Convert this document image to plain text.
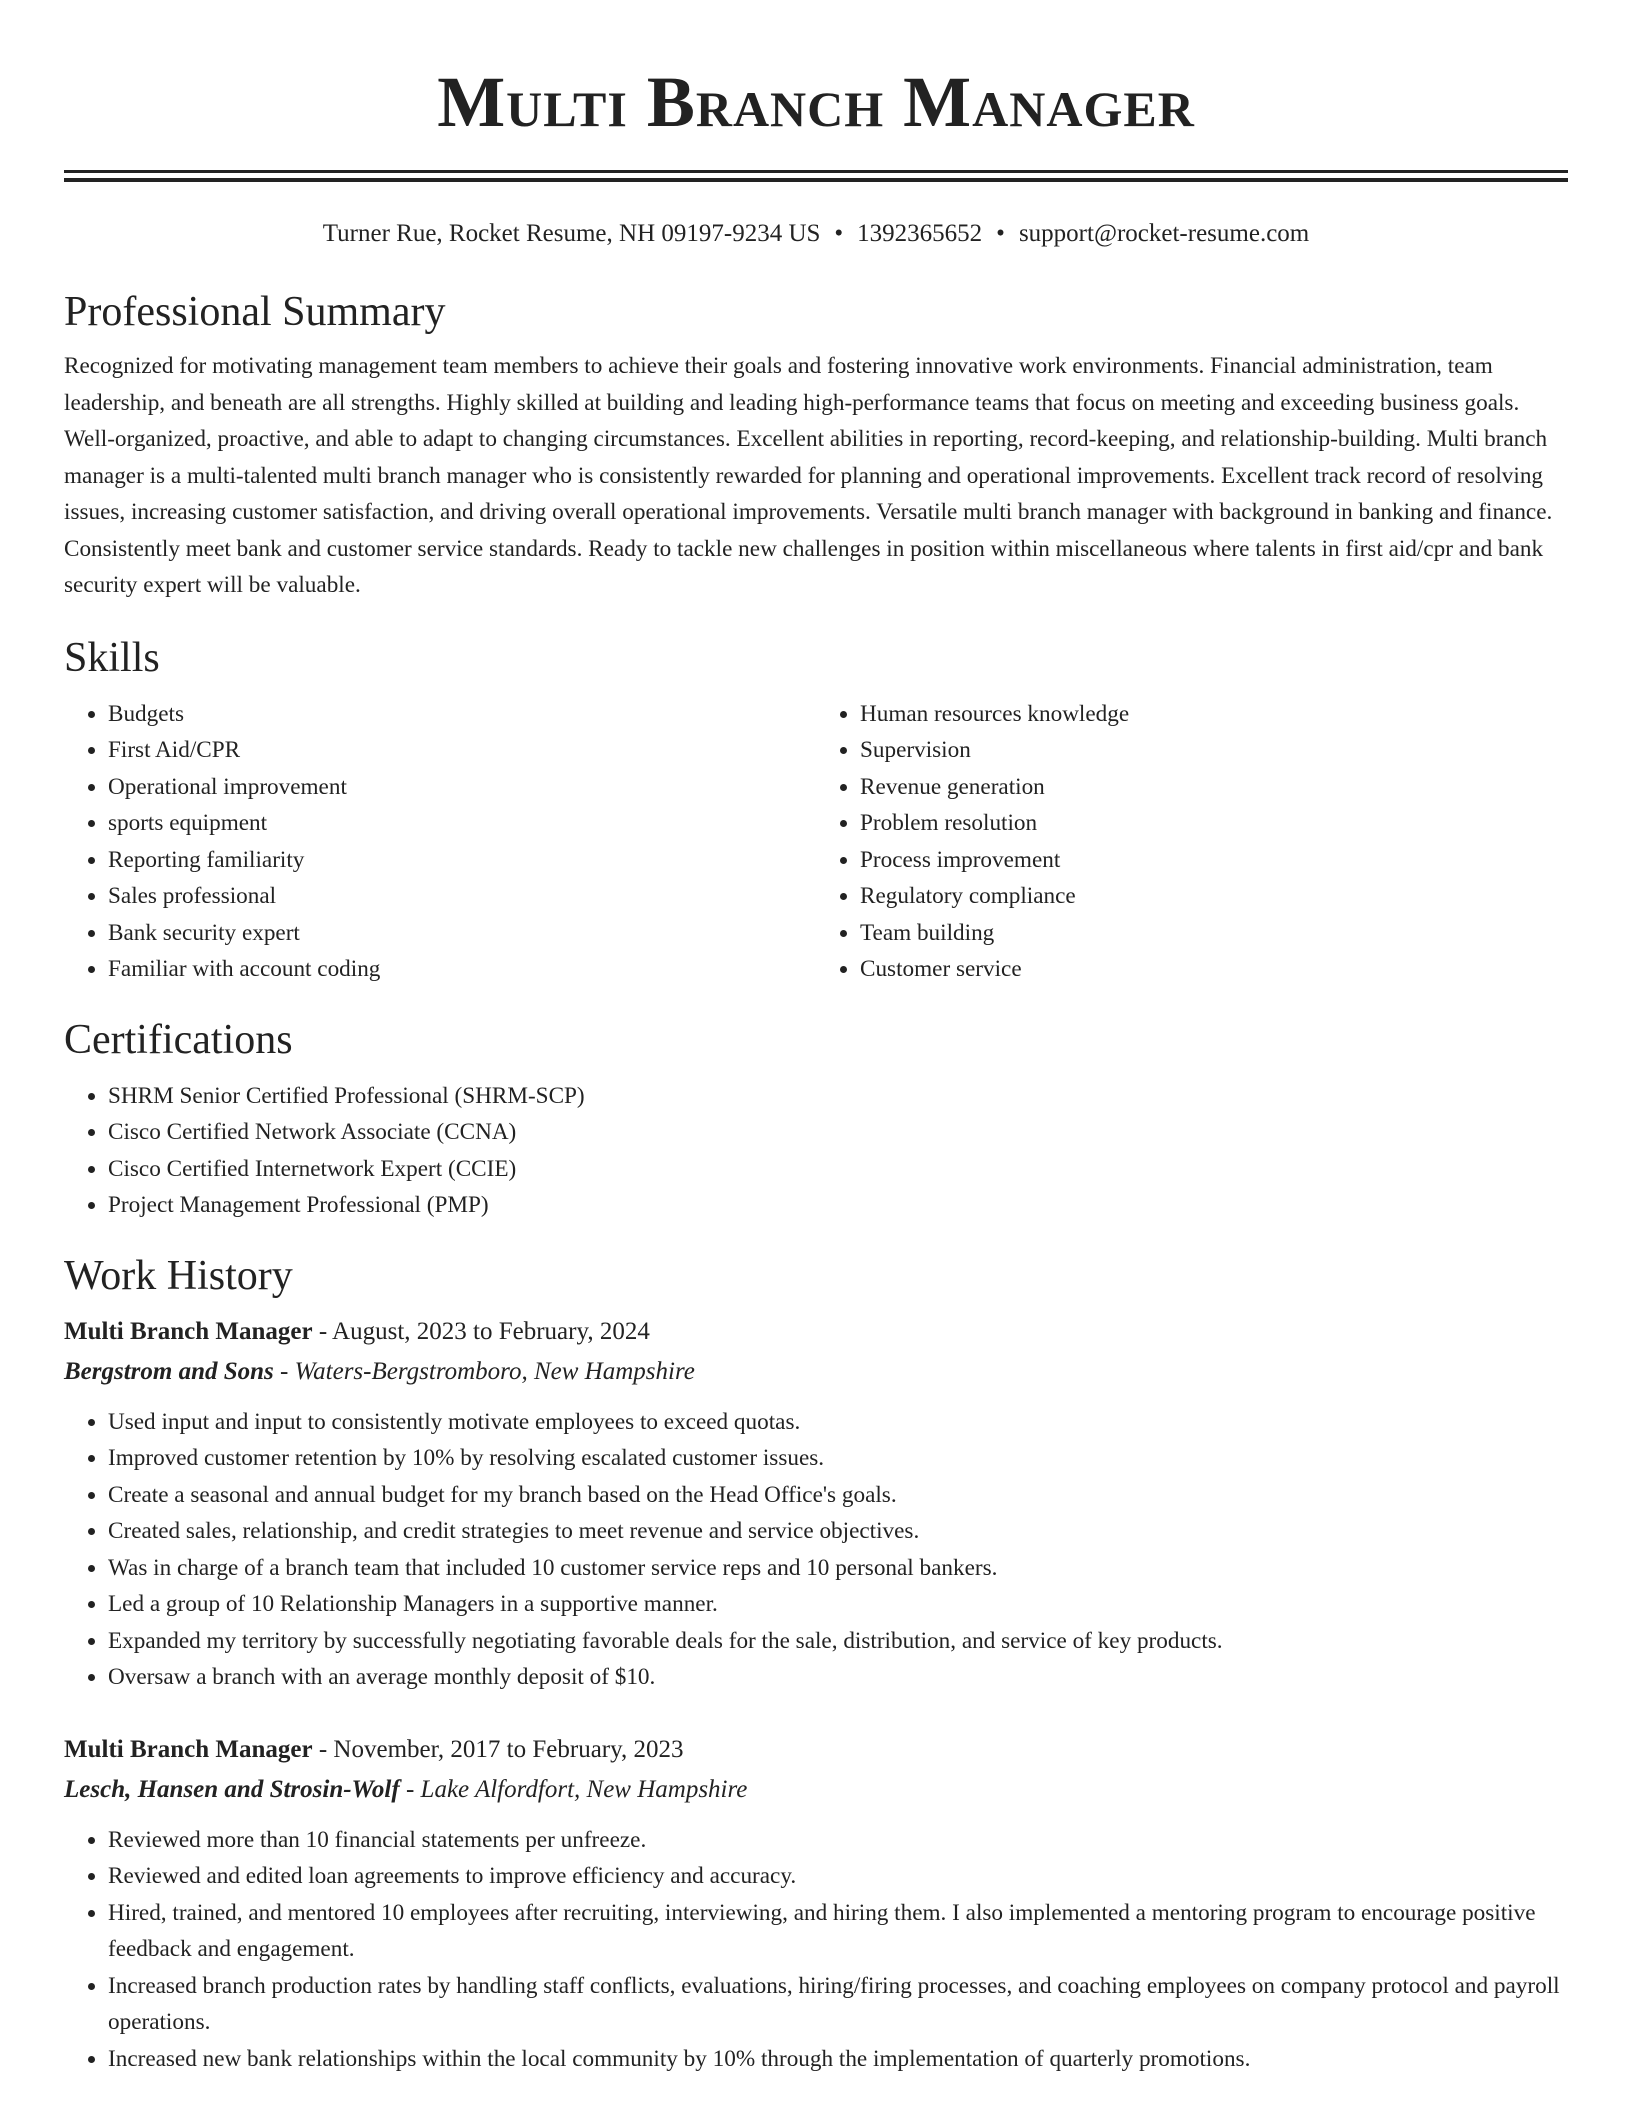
Multi Branch Manager
Turner Rue, Rocket Resume, NH 09197-9234 US • 1392365652 • support@rocket-resume.com
Professional Summary

Recognized for motivating management team members to achieve their goals and fostering innovative work environments. Financial administration, team leadership, and beneath are all strengths. Highly skilled at building and leading high-performance teams that focus on meeting and exceeding business goals. Well-organized, proactive, and able to adapt to changing circumstances. Excellent abilities in reporting, record-keeping, and relationship-building. Multi branch manager is a multi-talented multi branch manager who is consistently rewarded for planning and operational improvements. Excellent track record of resolving issues, increasing customer satisfaction, and driving overall operational improvements. Versatile multi branch manager with background in banking and finance. Consistently meet bank and customer service standards. Ready to tackle new challenges in position within miscellaneous where talents in first aid/cpr and bank security expert will be valuable.

Skills
• Budgets
• First Aid/CPR
• Operational improvement
• sports equipment
• Reporting familiarity
• Sales professional
• Bank security expert
• Familiar with account coding
• Human resources knowledge
• Supervision
• Revenue generation
• Problem resolution
• Process improvement
• Regulatory compliance
• Team building
• Customer service
Certifications
• SHRM Senior Certified Professional (SHRM-SCP)
• Cisco Certified Network Associate (CCNA)
• Cisco Certified Internetwork Expert (CCIE)
• Project Management Professional (PMP)
Work History
Multi Branch Manager - August, 2023 to February, 2024
Bergstrom and Sons - Waters-Bergstromboro, New Hampshire
• Used input and input to consistently motivate employees to exceed quotas.
• Improved customer retention by 10% by resolving escalated customer issues.
• Create a seasonal and annual budget for my branch based on the Head Office's goals.
• Created sales, relationship, and credit strategies to meet revenue and service objectives.
• Was in charge of a branch team that included 10 customer service reps and 10 personal bankers.
• Led a group of 10 Relationship Managers in a supportive manner.
• Expanded my territory by successfully negotiating favorable deals for the sale, distribution, and service of key products.
• Oversaw a branch with an average monthly deposit of $10.
Multi Branch Manager - November, 2017 to February, 2023
Lesch, Hansen and Strosin-Wolf - Lake Alfordfort, New Hampshire
• Reviewed more than 10 financial statements per unfreeze.
• Reviewed and edited loan agreements to improve efficiency and accuracy.
• Hired, trained, and mentored 10 employees after recruiting, interviewing, and hiring them. I also implemented a mentoring program to encourage positive feedback and engagement.
• Increased branch production rates by handling staff conflicts, evaluations, hiring/firing processes, and coaching employees on company protocol and payroll operations.
• Increased new bank relationships within the local community by 10% through the implementation of quarterly promotions.
